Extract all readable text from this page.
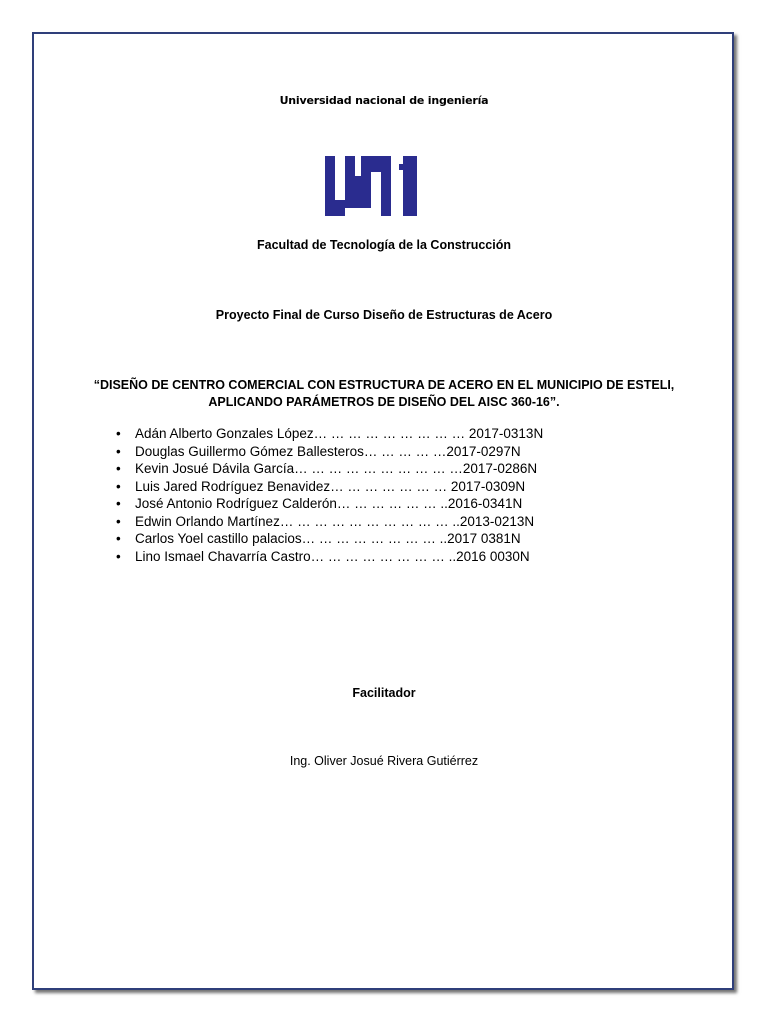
Universidad nacional de ingeniería
Facultad de Tecnología de la Construcción
Proyecto Final de Curso Diseño de Estructuras de Acero
“DISEÑO DE CENTRO COMERCIAL CON ESTRUCTURA DE ACERO EN EL MUNICIPIO DE ESTELI, APLICANDO PARÁMETROS DE DISEÑO DEL AISC 360-16”.
• Adán Alberto Gonzales López… … … … … … … … … 2017-0313N
• Douglas Guillermo Gómez Ballesteros… … … … …2017-0297N
• Kevin Josué Dávila García… … … … … … … … … …2017-0286N
• Luis Jared Rodríguez Benavidez… … … … … … … 2017-0309N
• José Antonio Rodríguez Calderón… … … … … … ..2016-0341N
• Edwin Orlando Martínez… … … … … … … … … … ..2013-0213N
• Carlos Yoel castillo palacios… … … … … … … … ..2017 0381N
• Lino Ismael Chavarría Castro… … … … … … … … ..2016 0030N
Facilitador
Ing. Oliver Josué Rivera Gutiérrez
